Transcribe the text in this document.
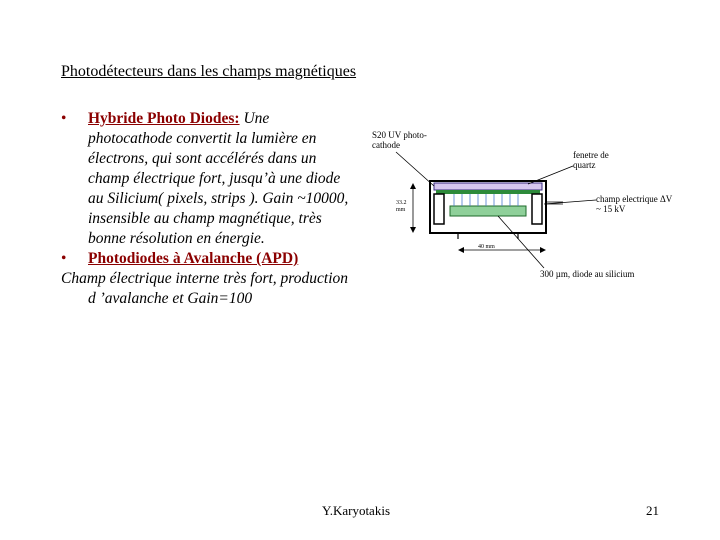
Photodétecteurs dans les champs magnétiques
• Hybride Photo Diodes: Une photocathode convertit la lumière en électrons, qui sont accélérés dans un champ électrique fort, jusqu’à une diode au Silicium( pixels, strips ). Gain ~10000, insensible au champ magnétique, très bonne résolution en énergie.
• Photodiodes à Avalanche (APD)
Champ électrique interne très fort, production d ’avalanche et Gain=100
S20 UV photo-cathode
fenetre de quartz
champ electrique ΔV ~ 15 kV
300 µm, diode au silicium
33.2 mm
40 mm
Y.Karyotakis	21
